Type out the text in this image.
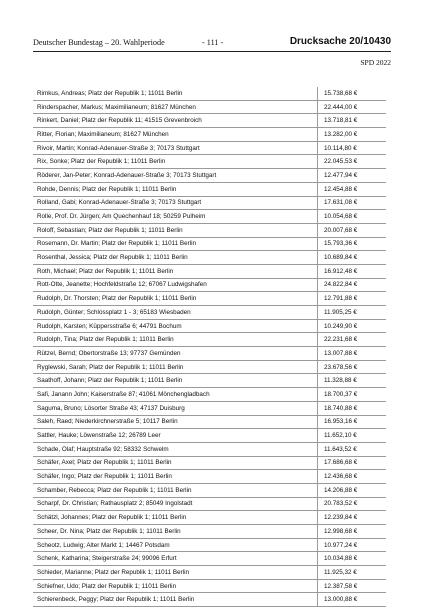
Deutscher Bundestag – 20. Wahlperiode	- 111 -	Drucksache 20/10430
SPD 2022
Rimkus, Andreas; Platz der Republik 1; 11011 Berlin	15.738,68 €
Rinderspacher, Markus; Maximilianeum; 81627 München	22.444,00 €
Rinkert, Daniel; Platz der Republik 11; 41515 Grevenbroich	13.718,81 €
Ritter, Florian; Maximilianeum; 81627 München	13.282,00 €
Rivoir, Martin; Konrad-Adenauer-Straße 3; 70173 Stuttgart	10.114,80 €
Rix, Sonke; Platz der Republik 1; 11011 Berlin	22.045,53 €
Röderer, Jan-Peter; Konrad-Adenauer-Straße 3; 70173 Stuttgart	12.477,94 €
Rohde, Dennis; Platz der Republik 1; 11011 Berlin	12.454,88 €
Rolland, Gabi; Konrad-Adenauer-Straße 3; 70173 Stuttgart	17.631,08 €
Rolle, Prof. Dr. Jürgen; Am Quechenhauf 18; 50259 Pulheim	10.054,68 €
Roloff, Sebastian; Platz der Republik 1; 11011 Berlin	20.007,68 €
Rosemann, Dr. Martin; Platz der Republik 1; 11011 Berlin	15.793,36 €
Rosenthal, Jessica; Platz der Republik 1; 11011 Berlin	10.689,84 €
Roth, Michael; Platz der Republik 1; 11011 Berlin	16.912,48 €
Rott-Otte, Jeanette; Hochfeldstraße 12; 67067 Ludwigshafen	24.822,84 €
Rudolph, Dr. Thorsten; Platz der Republik 1; 11011 Berlin	12.791,88 €
Rudolph, Günter; Schlossplatz 1 - 3; 65183 Wiesbaden	11.905,25 €
Rudolph, Karsten; Küppersstraße 6; 44791 Bochum	10.249,90 €
Rudolph, Tina; Platz der Republik 1; 11011 Berlin	22.231,68 €
Rützel, Bernd; Obertorstraße 13; 97737 Gemünden	13.007,88 €
Ryglewski, Sarah; Platz der Republik 1; 11011 Berlin	23.678,56 €
Saathoff, Johann; Platz der Republik 1; 11011 Berlin	11.328,88 €
Safi, Janann John; Kaiserstraße 87; 41061 Mönchengladbach	18.700,37 €
Saguma, Bruno; Lösorter Straße 43; 47137 Duisburg	18.740,88 €
Saleh, Raed; Niederkirchnerstraße 5; 10117 Berlin	16.953,16 €
Sattler, Hauke; Löwenstraße 12; 26789 Leer	11.652,10 €
Schade, Olaf; Hauptstraße 92; 58332 Schwelm	11.643,52 €
Schäfer, Axel; Platz der Republik 1; 11011 Berlin	17.686,68 €
Schäfer, Ingo; Platz der Republik 1; 11011 Berlin	12.436,68 €
Schamber, Rebecca; Platz der Republik 1; 11011 Berlin	14.206,88 €
Scharpf, Dr. Christian; Rathausplatz 2; 85049 Ingolstadt	20.783,52 €
Schätzl, Johannes; Platz der Republik 1; 11011 Berlin	12.239,84 €
Scheer, Dr. Nina; Platz der Republik 1; 11011 Berlin	12.998,68 €
Scheotz, Ludwig; Alter Markt 1; 14467 Potsdam	10.977,24 €
Schenk, Katharina; Steigerstraße 24; 99096 Erfurt	10.034,88 €
Schieder, Marianne; Platz der Republik 1; 11011 Berlin	11.925,32 €
Schiefner, Udo; Platz der Republik 1; 11011 Berlin	12.387,58 €
Schierenbeck, Peggy; Platz der Republik 1; 11011 Berlin	13.000,88 €
